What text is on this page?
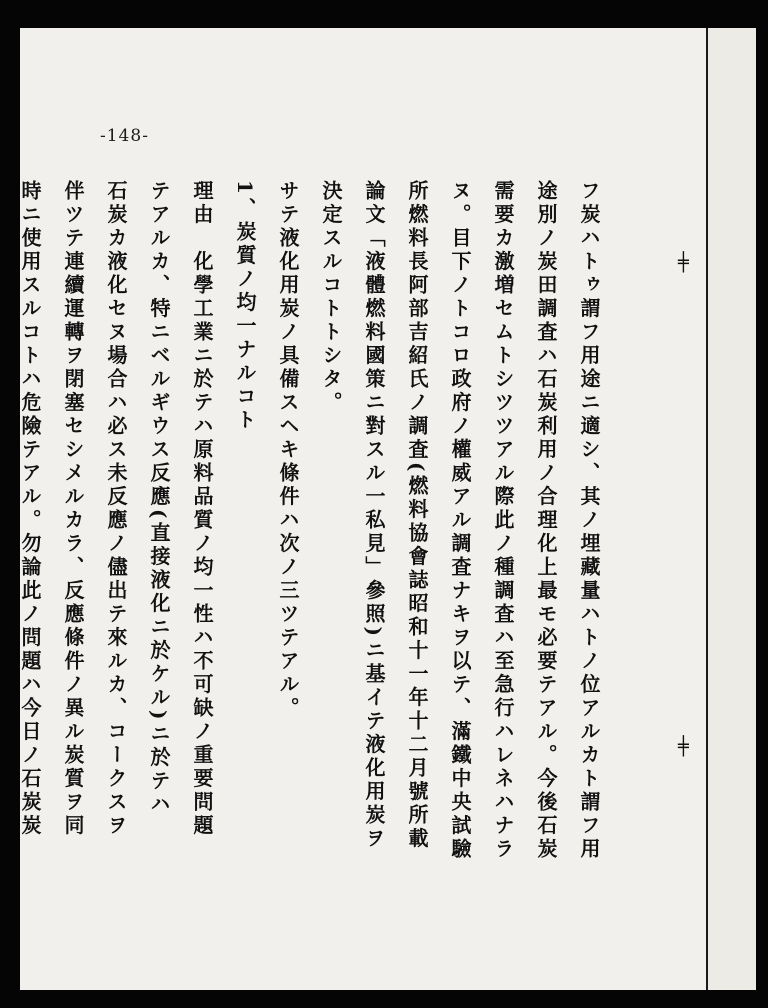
-148-

フ炭ハトゥ謂フ用途ニ適シ、其ノ埋藏量ハトノ位アルカト謂フ用

途別ノ炭田調査ハ石炭利用ノ合理化上最モ必要テアル。今後石炭

需要カ激増セムトシツツアル際此ノ種調査ハ至急行ハレネハナラ

ヌ。目下ノトコロ政府ノ權威アル調査ナキヲ以テ、滿鐵中央試驗

所燃料長阿部吉紹氏ノ調査(燃料協會誌昭和十一年十二月號所載

論文「液體燃料國策ニ對スル一私見」參照)ニ基イテ液化用炭ヲ

決定スルコトトシタ。

サテ液化用炭ノ具備スヘキ條件ハ次ノ三ツテアル。

1、炭質ノ均一ナルコト

理由　化學工業ニ於テハ原料品質ノ均一性ハ不可缺ノ重要問題

テアルカ、特ニベルギウス反應(直接液化ニ於ケル)ニ於テハ

石炭カ液化セヌ場合ハ必ス未反應ノ儘出テ來ルカ、コークスヲ

伴ツテ連續運轉ヲ閉塞セシメルカラ、反應條件ノ異ル炭質ヲ同

時ニ使用スルコトハ危險テアル。勿論此ノ問題ハ今日ノ石炭炭	╪
╪
